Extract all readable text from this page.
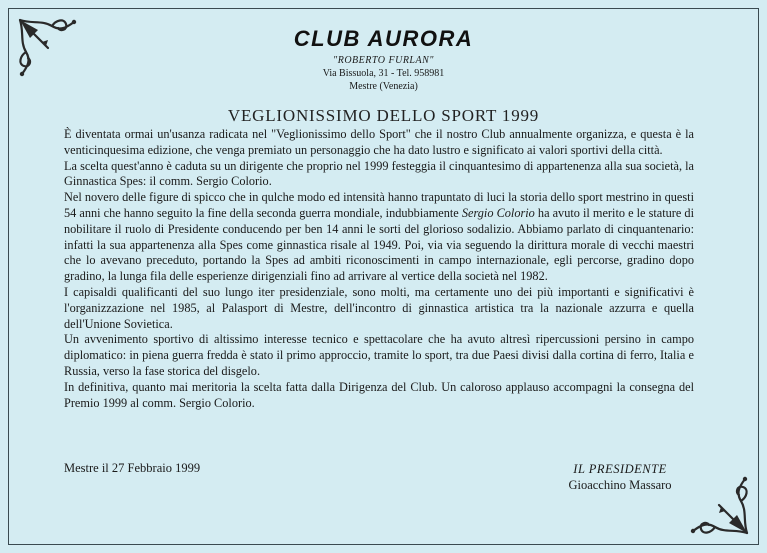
CLUB AURORA
"ROBERTO FURLAN"
Via Bissuola, 31 - Tel. 958981
Mestre (Venezia)
VEGLIONISSIMO DELLO SPORT 1999

È diventata ormai un'usanza radicata nel "Veglionissimo dello Sport" che il nostro Club annualmente organizza, e questa è la venticinquesima edizione, che venga premiato un personaggio che ha dato lustro e significato ai valori sportivi della città.

La scelta quest'anno è caduta su un dirigente che proprio nel 1999 festeggia il cinquantesimo di appartenenza alla sua società, la Ginnastica Spes: il comm. Sergio Colorio.

Nel novero delle figure di spicco che in qulche modo ed intensità hanno trapuntato di luci la storia dello sport mestrino in questi 54 anni che hanno seguito la fine della seconda guerra mondiale, indubbiamente Sergio Colorio ha avuto il merito e le stature di nobilitare il ruolo di Presidente conducendo per ben 14 anni le sorti del glorioso sodalizio. Abbiamo parlato di cinquantenario: infatti la sua appartenenza alla Spes come ginnastica risale al 1949. Poi, via via seguendo la dirittura morale di vecchi maestri che lo avevano preceduto, portando la Spes ad ambiti riconoscimenti in campo internazionale, egli percorse, gradino dopo gradino, la lunga fila delle esperienze dirigenziali fino ad arrivare al vertice della società nel 1982.

I capisaldi qualificanti del suo lungo iter presidenziale, sono molti, ma certamente uno dei più importanti e significativi è l'organizzazione nel 1985, al Palasport di Mestre, dell'incontro di ginnastica artistica tra la nazionale azzurra e quella dell'Unione Sovietica.

Un avvenimento sportivo di altissimo interesse tecnico e spettacolare che ha avuto altresì ripercussioni persino in campo diplomatico: in piena guerra fredda è stato il primo approccio, tramite lo sport, tra due Paesi divisi dalla cortina di ferro, Italia e Russia, verso la fase storica del disgelo.

In definitiva, quanto mai meritoria la scelta fatta dalla Dirigenza del Club. Un caloroso applauso accompagni la consegna del Premio 1999 al comm. Sergio Colorio.

Mestre il 27 Febbraio 1999	IL PRESIDENTE
Gioacchino Massaro
